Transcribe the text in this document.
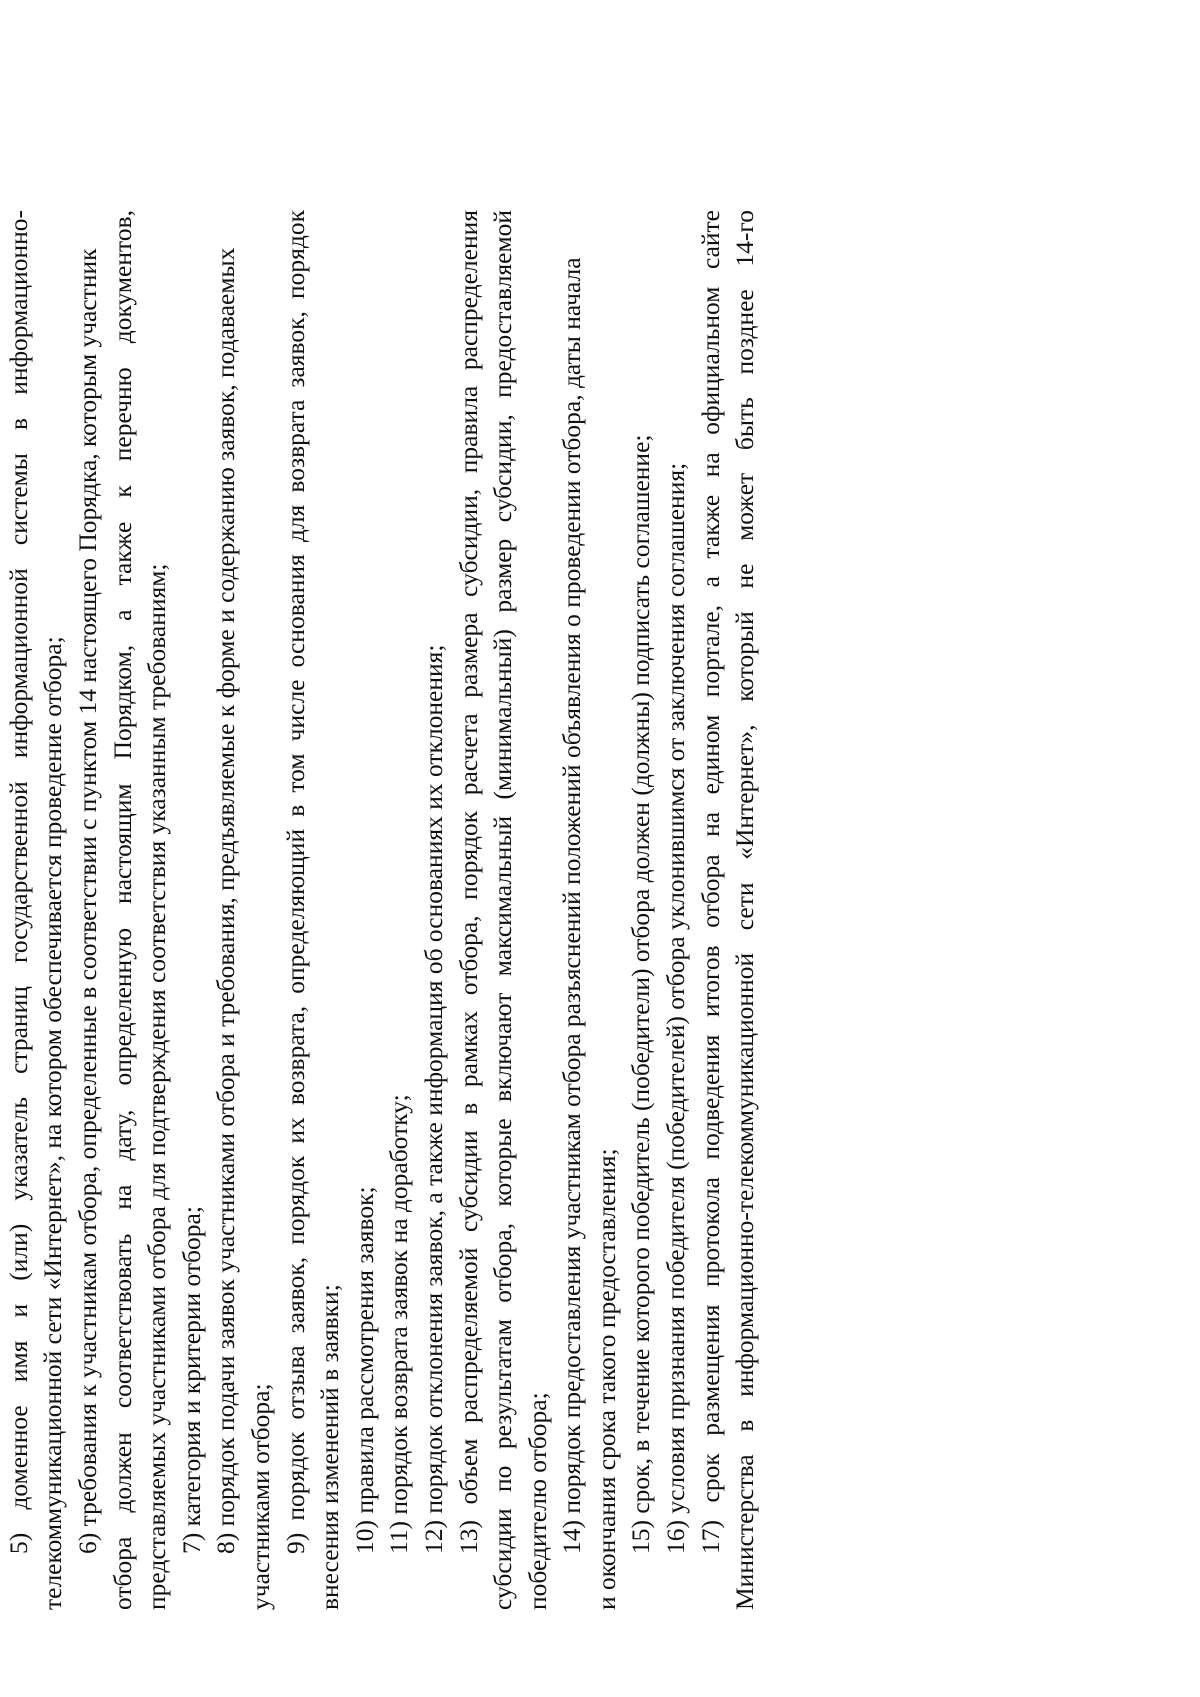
5) доменное имя и (или) указатель страниц государственной информационной системы в информационно- телекоммуникационной сети «Интернет», на котором обеспечивается проведение отбора; 6) требования к участникам отбора, определенные в соответствии с пунктом 14 настоящего Порядка, которым участник отбора должен соответствовать на дату, определенную настоящим Порядком, а также к перечню документов, представляемых участниками отбора для подтверждения соответствия указанным требованиям; 7) категория и критерии отбора; 8) порядок подачи заявок участниками отбора и требования, предъявляемые к форме и содержанию заявок, подаваемых участниками отбора; 9) порядок отзыва заявок, порядок их возврата, определяющий в том числе основания для возврата заявок, порядок внесения изменений в заявки; 10) правила рассмотрения заявок; 11) порядок возврата заявок на доработку; 12) порядок отклонения заявок, а также информация об основаниях их отклонения; 13) объем распределяемой субсидии в рамках отбора, порядок расчета размера субсидии, правила распределения субсидии по результатам отбора, которые включают максимальный (минимальный) размер субсидии, предоставляемой победителю отбора; 14) порядок предоставления участникам отбора разъяснений положений объявления о проведении отбора, даты начала и окончания срока такого предоставления; 15) срок, в течение которого победитель (победители) отбора должен (должны) подписать соглашение; 16) условия признания победителя (победителей) отбора уклонившимся от заключения соглашения; 17) срок размещения протокола подведения итогов отбора на едином портале, а также на официальном сайте Министерства в информационно-телекоммуникационной сети «Интернет», который не может быть позднее 14-го
